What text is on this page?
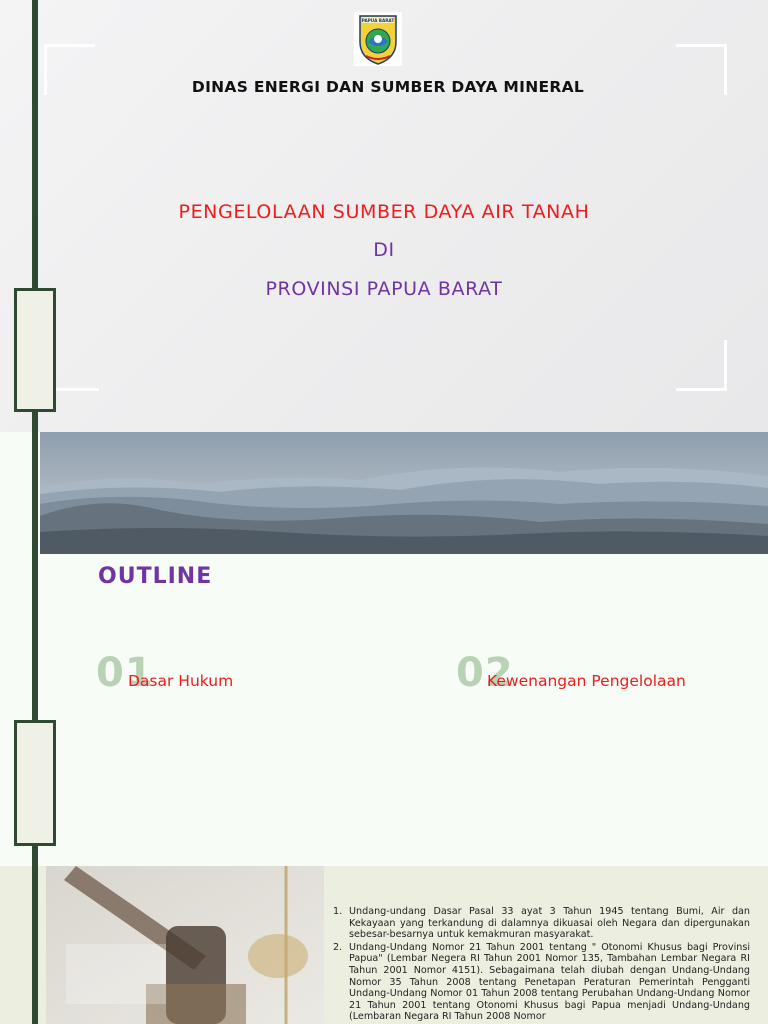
PAPUA BARAT
DINAS ENERGI DAN SUMBER DAYA MINERAL
PENGELOLAAN SUMBER DAYA AIR TANAH
DI
PROVINSI PAPUA BARAT
OUTLINE
01
Dasar Hukum	02
Kewenangan Pengelolaan
1. Undang-undang Dasar Pasal 33 ayat 3 Tahun 1945 tentang Bumi, Air dan Kekayaan yang terkandung di dalamnya dikuasai oleh Negara dan dipergunakan sebesar-besarnya untuk kemakmuran masyarakat.
2. Undang-Undang Nomor 21 Tahun 2001 tentang " Otonomi Khusus bagi Provinsi Papua" (Lembar Negera RI Tahun 2001 Nomor 135, Tambahan Lembar Negara RI Tahun 2001 Nomor 4151). Sebagaimana telah diubah dengan Undang-Undang Nomor 35 Tahun 2008 tentang Penetapan Peraturan Pemerintah Pengganti Undang-Undang Nomor 01 Tahun 2008 tentang Perubahan Undang-Undang Nomor 21 Tahun 2001 tentang Otonomi Khusus bagi Papua menjadi Undang-Undang (Lembaran Negara RI Tahun 2008 Nomor
